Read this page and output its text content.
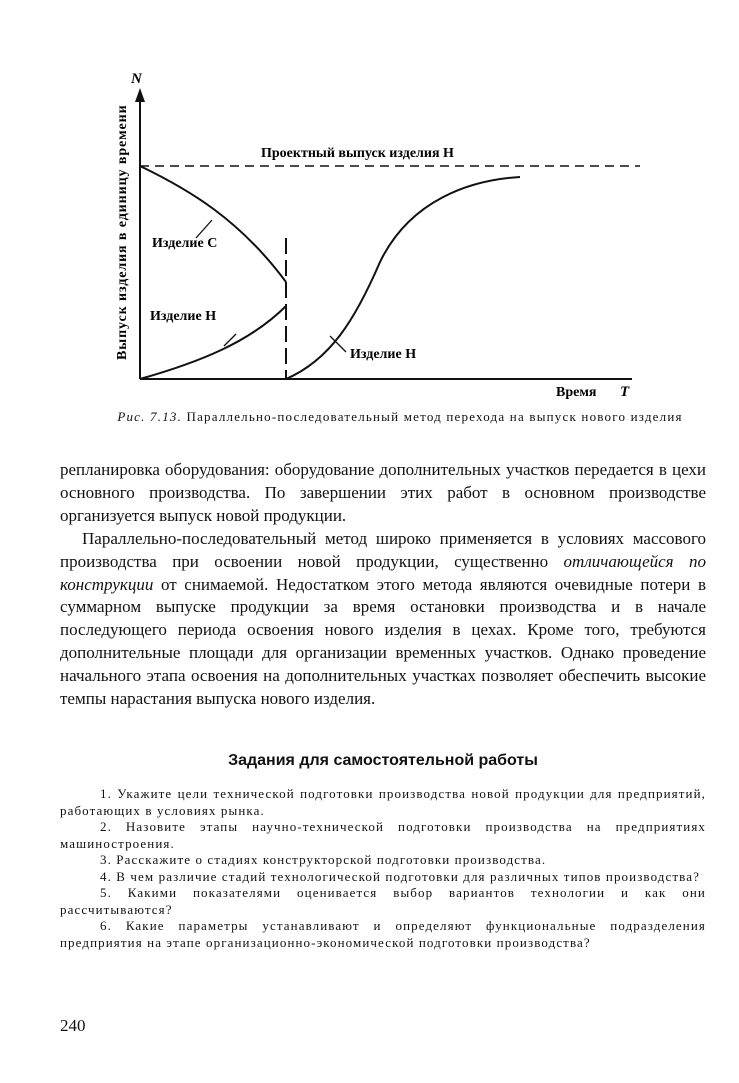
N
Выпуск изделия в единицу времени	Проектный выпуск изделия Н
Изделие С
Изделие Н
Изделие Н
Время T
Рис. 7.13. Параллельно-последовательный метод перехода на выпуск нового изделия
репланировка оборудования: оборудование дополнительных участков передается в цехи основного производства. По завершении этих работ в основном производстве организуется выпуск новой продукции.
Параллельно-последовательный метод широко применяется в условиях массового производства при освоении новой продукции, существенно отличающейся по конструкции от снимаемой. Недостатком этого метода являются очевидные потери в суммарном выпуске продукции за время остановки производства и в начале последующего периода освоения нового изделия в цехах. Кроме того, требуются дополнительные площади для организации временных участков. Однако проведение начального этапа освоения на дополнительных участках позволяет обеспечить высокие темпы нарастания выпуска нового изделия.
Задания для самостоятельной работы

1. Укажите цели технической подготовки производства новой продукции для предприятий, работающих в условиях рынка.

2. Назовите этапы научно-технической подготовки производства на предприятиях машиностроения.

3. Расскажите о стадиях конструкторской подготовки производства.

4. В чем различие стадий технологической подготовки для различных типов производства?

5. Какими показателями оценивается выбор вариантов технологии и как они рассчитываются?

6. Какие параметры устанавливают и определяют функциональные подразделения предприятия на этапе организационно-экономической подготовки производства?

240
